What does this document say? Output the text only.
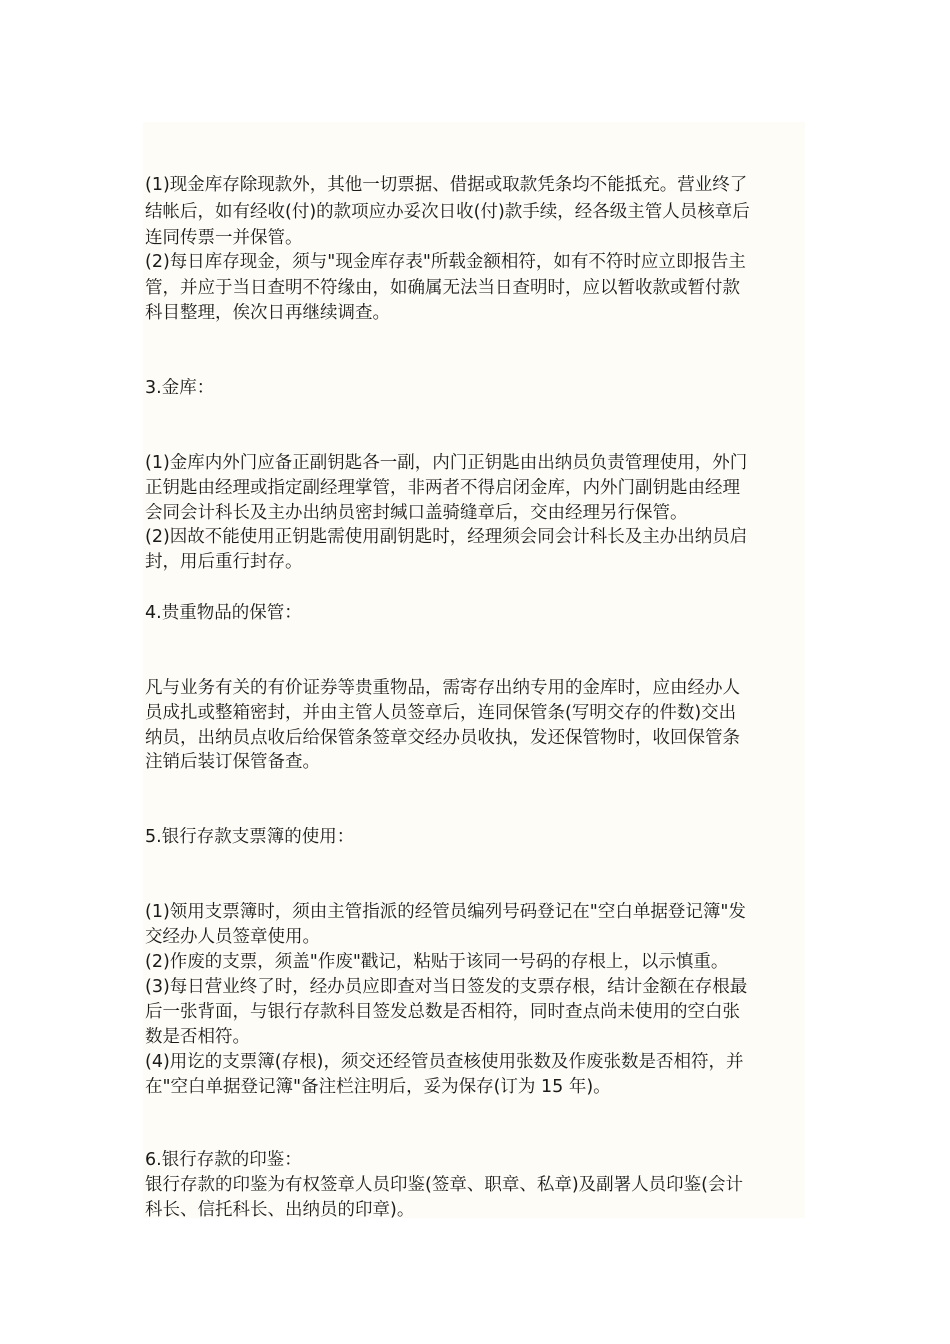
(1)现金库存除现款外，其他一切票据、借据或取款凭条均不能抵充。营业终了
结帐后，如有经收(付)的款项应办妥次日收(付)款手续，经各级主管人员核章后
连同传票一并保管。
(2)每日库存现金，须与"现金库存表"所载金额相符，如有不符时应立即报告主
管，并应于当日查明不符缘由，如确属无法当日查明时，应以暂收款或暂付款
科目整理，俟次日再继续调查。
3.金库：
(1)金库内外门应备正副钥匙各一副，内门正钥匙由出纳员负责管理使用，外门
正钥匙由经理或指定副经理掌管，非两者不得启闭金库，内外门副钥匙由经理
会同会计科长及主办出纳员密封缄口盖骑缝章后，交由经理另行保管。
(2)因故不能使用正钥匙需使用副钥匙时，经理须会同会计科长及主办出纳员启
封，用后重行封存。
4.贵重物品的保管：
凡与业务有关的有价证券等贵重物品，需寄存出纳专用的金库时，应由经办人
员成扎或整箱密封，并由主管人员签章后，连同保管条(写明交存的件数)交出
纳员，出纳员点收后给保管条签章交经办员收执，发还保管物时，收回保管条
注销后装订保管备查。
5.银行存款支票簿的使用：
(1)领用支票簿时，须由主管指派的经管员编列号码登记在"空白单据登记簿"发
交经办人员签章使用。
(2)作废的支票，须盖"作废"戳记，粘贴于该同一号码的存根上，以示慎重。
(3)每日营业终了时，经办员应即查对当日签发的支票存根，结计金额在存根最
后一张背面，与银行存款科目签发总数是否相符，同时查点尚未使用的空白张
数是否相符。
(4)用讫的支票簿(存根)，须交还经管员查核使用张数及作废张数是否相符，并
在"空白单据登记簿"备注栏注明后，妥为保存(订为 15 年)。
6.银行存款的印鉴：
银行存款的印鉴为有权签章人员印鉴(签章、职章、私章)及副署人员印鉴(会计
科长、信托科长、出纳员的印章)。
